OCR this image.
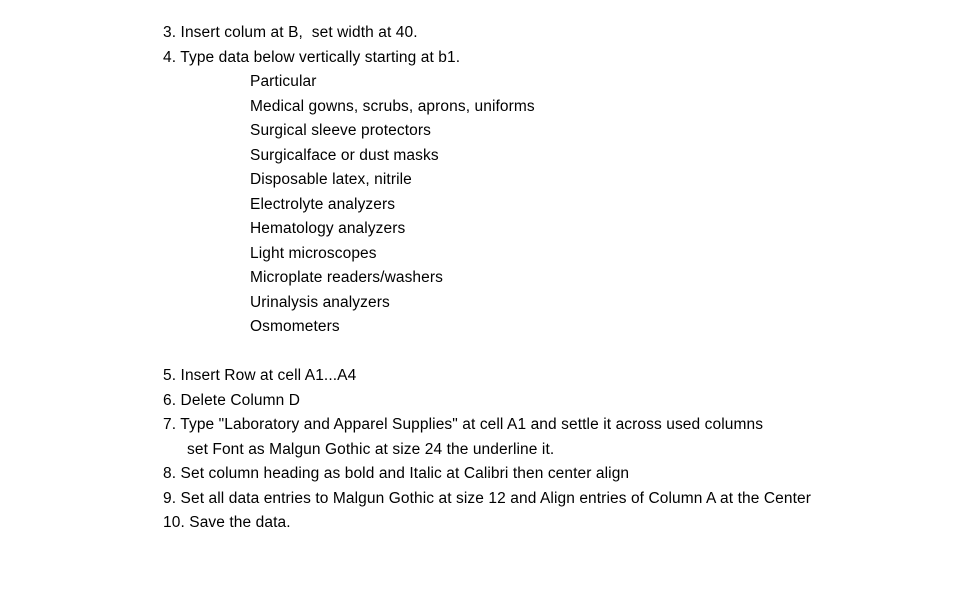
3. Insert colum at B,  set width at 40.
4. Type data below vertically starting at b1.
Particular
Medical gowns, scrubs, aprons, uniforms
Surgical sleeve protectors
Surgicalface or dust masks
Disposable latex, nitrile
Electrolyte analyzers
Hematology analyzers
Light microscopes
Microplate readers/washers
Urinalysis analyzers
Osmometers
5. Insert Row at cell A1...A4
6. Delete Column D
7. Type "Laboratory and Apparel Supplies" at cell A1 and settle it across used columns
set Font as Malgun Gothic at size 24 the underline it.
8. Set column heading as bold and Italic at Calibri then center align
9. Set all data entries to Malgun Gothic at size 12 and Align entries of Column A at the Center
10. Save the data.
